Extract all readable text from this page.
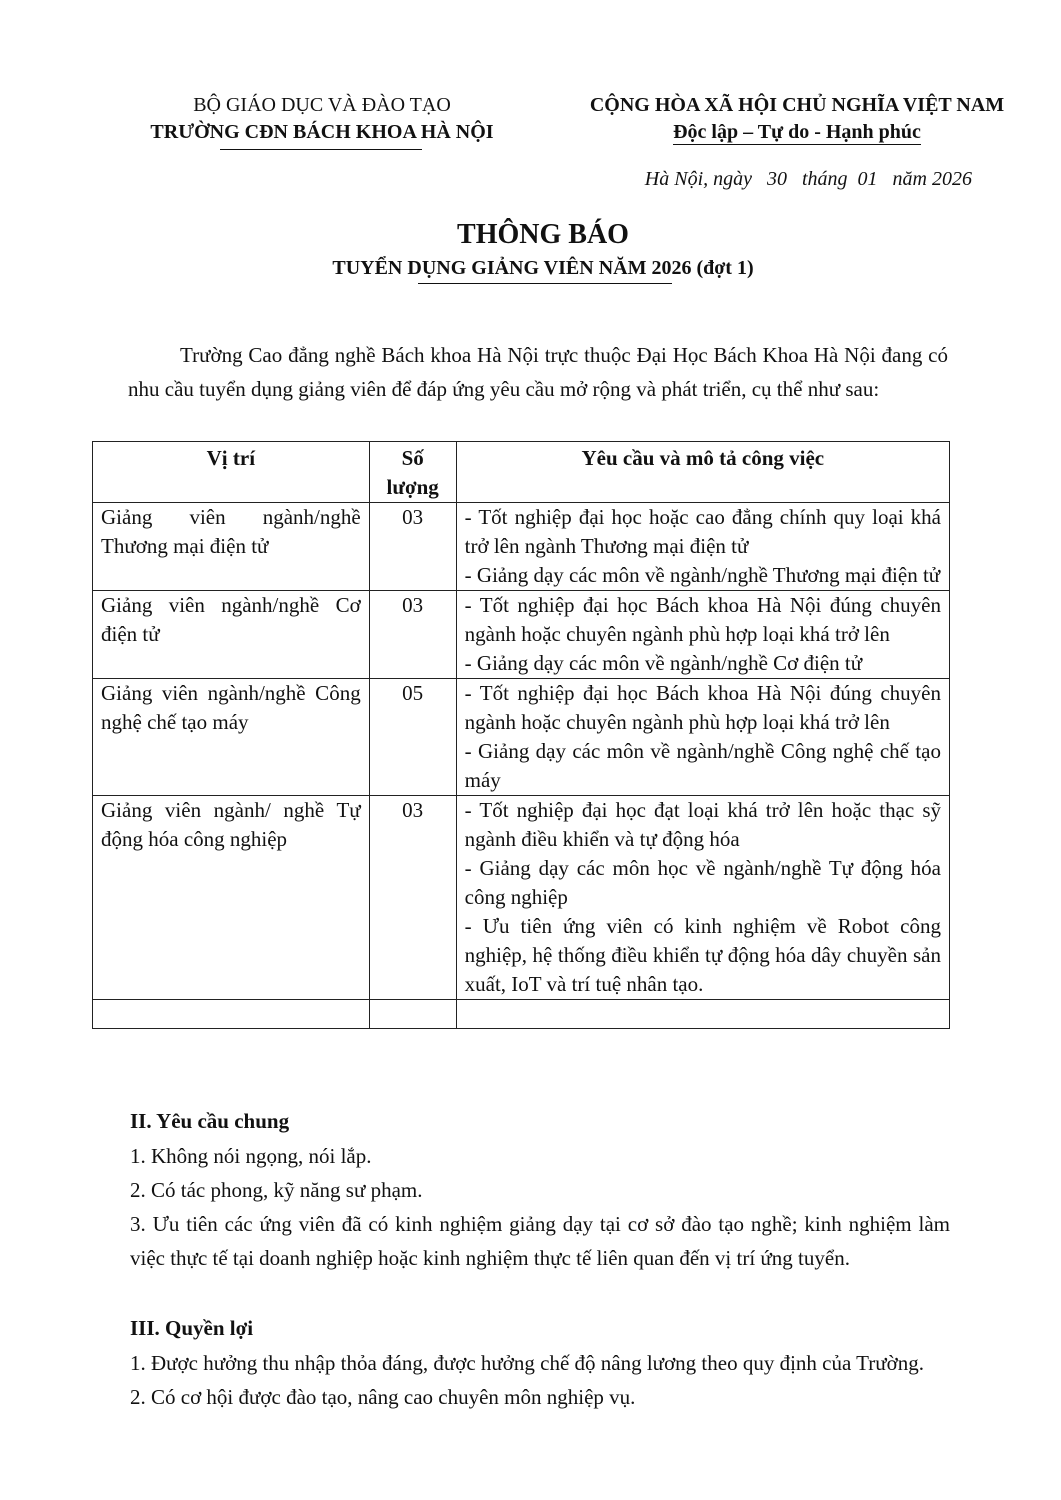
BỘ GIÁO DỤC VÀ ĐÀO TẠO
TRƯỜNG CĐN BÁCH KHOA HÀ NỘI
CỘNG HÒA XÃ HỘI CHỦ NGHĨA VIỆT NAM
Độc lập – Tự do - Hạnh phúc
Hà Nội, ngày   30   tháng  01   năm 2026
THÔNG BÁO
TUYỂN DỤNG GIẢNG VIÊN NĂM 2026 (đợt 1)

Trường Cao đẳng nghề Bách khoa Hà Nội trực thuộc Đại Học Bách Khoa Hà Nội đang có nhu cầu tuyển dụng giảng viên để đáp ứng yêu cầu mở rộng và phát triển, cụ thể như sau:

Vị trí	Số lượng	Yêu cầu và mô tả công việc
Giảng viên ngành/nghề Thương mại điện tử	03	- Tốt nghiệp đại học hoặc cao đẳng chính quy loại khá trở lên ngành Thương mại điện tử
- Giảng dạy các môn về ngành/nghề Thương mại điện tử

Giảng viên ngành/nghề Cơ điện tử	03	- Tốt nghiệp đại học Bách khoa Hà Nội đúng chuyên ngành hoặc chuyên ngành phù hợp loại khá trở lên
- Giảng dạy các môn về ngành/nghề Cơ điện tử

Giảng viên ngành/nghề Công nghệ chế tạo máy	05	- Tốt nghiệp đại học Bách khoa Hà Nội đúng chuyên ngành hoặc chuyên ngành phù hợp loại khá trở lên
- Giảng dạy các môn về ngành/nghề Công nghệ chế tạo máy

Giảng viên ngành/ nghề Tự động hóa công nghiệp	03	- Tốt nghiệp đại học đạt loại khá trở lên hoặc thạc sỹ ngành điều khiển và tự động hóa
- Giảng dạy các môn học về ngành/nghề Tự động hóa công nghiệp
- Ưu tiên ứng viên có kinh nghiệm về Robot công nghiệp, hệ thống điều khiển tự động hóa dây chuyền sản xuất, IoT và trí tuệ nhân tạo.

II. Yêu cầu chung

1. Không nói ngọng, nói lắp.

2. Có tác phong, kỹ năng sư phạm.

3. Ưu tiên các ứng viên đã có kinh nghiệm giảng dạy tại cơ sở đào tạo nghề; kinh nghiệm làm việc thực tế tại doanh nghiệp hoặc kinh nghiệm thực tế liên quan đến vị trí ứng tuyển.

III. Quyền lợi

1. Được hưởng thu nhập thỏa đáng, được hưởng chế độ nâng lương theo quy định của Trường.

2. Có cơ hội được đào tạo, nâng cao chuyên môn nghiệp vụ.
